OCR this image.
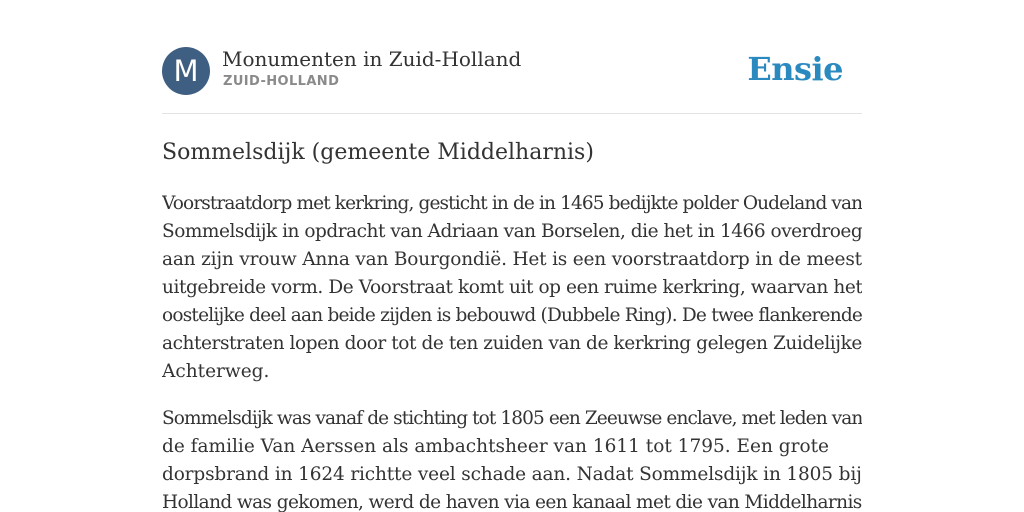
M	Monumenten in Zuid-Holland
ZUID-HOLLAND	Ensie
Sommelsdijk (gemeente Middelharnis)
Voorstraatdorp met kerkring, gesticht in de in 1465 bedijkte polder Oudeland van
Sommelsdijk in opdracht van Adriaan van Borselen, die het in 1466 overdroeg
aan zijn vrouw Anna van Bourgondië. Het is een voorstraatdorp in de meest
uitgebreide vorm. De Voorstraat komt uit op een ruime kerkring, waarvan het
oostelijke deel aan beide zijden is bebouwd (Dubbele Ring). De twee flankerende
achterstraten lopen door tot de ten zuiden van de kerkring gelegen Zuidelijke
Achterweg.
Sommelsdijk was vanaf de stichting tot 1805 een Zeeuwse enclave, met leden van
de familie Van Aerssen als ambachtsheer van 1611 tot 1795. Een grote
dorpsbrand in 1624 richtte veel schade aan. Nadat Sommelsdijk in 1805 bij
Holland was gekomen, werd de haven via een kanaal met die van Middelharnis
